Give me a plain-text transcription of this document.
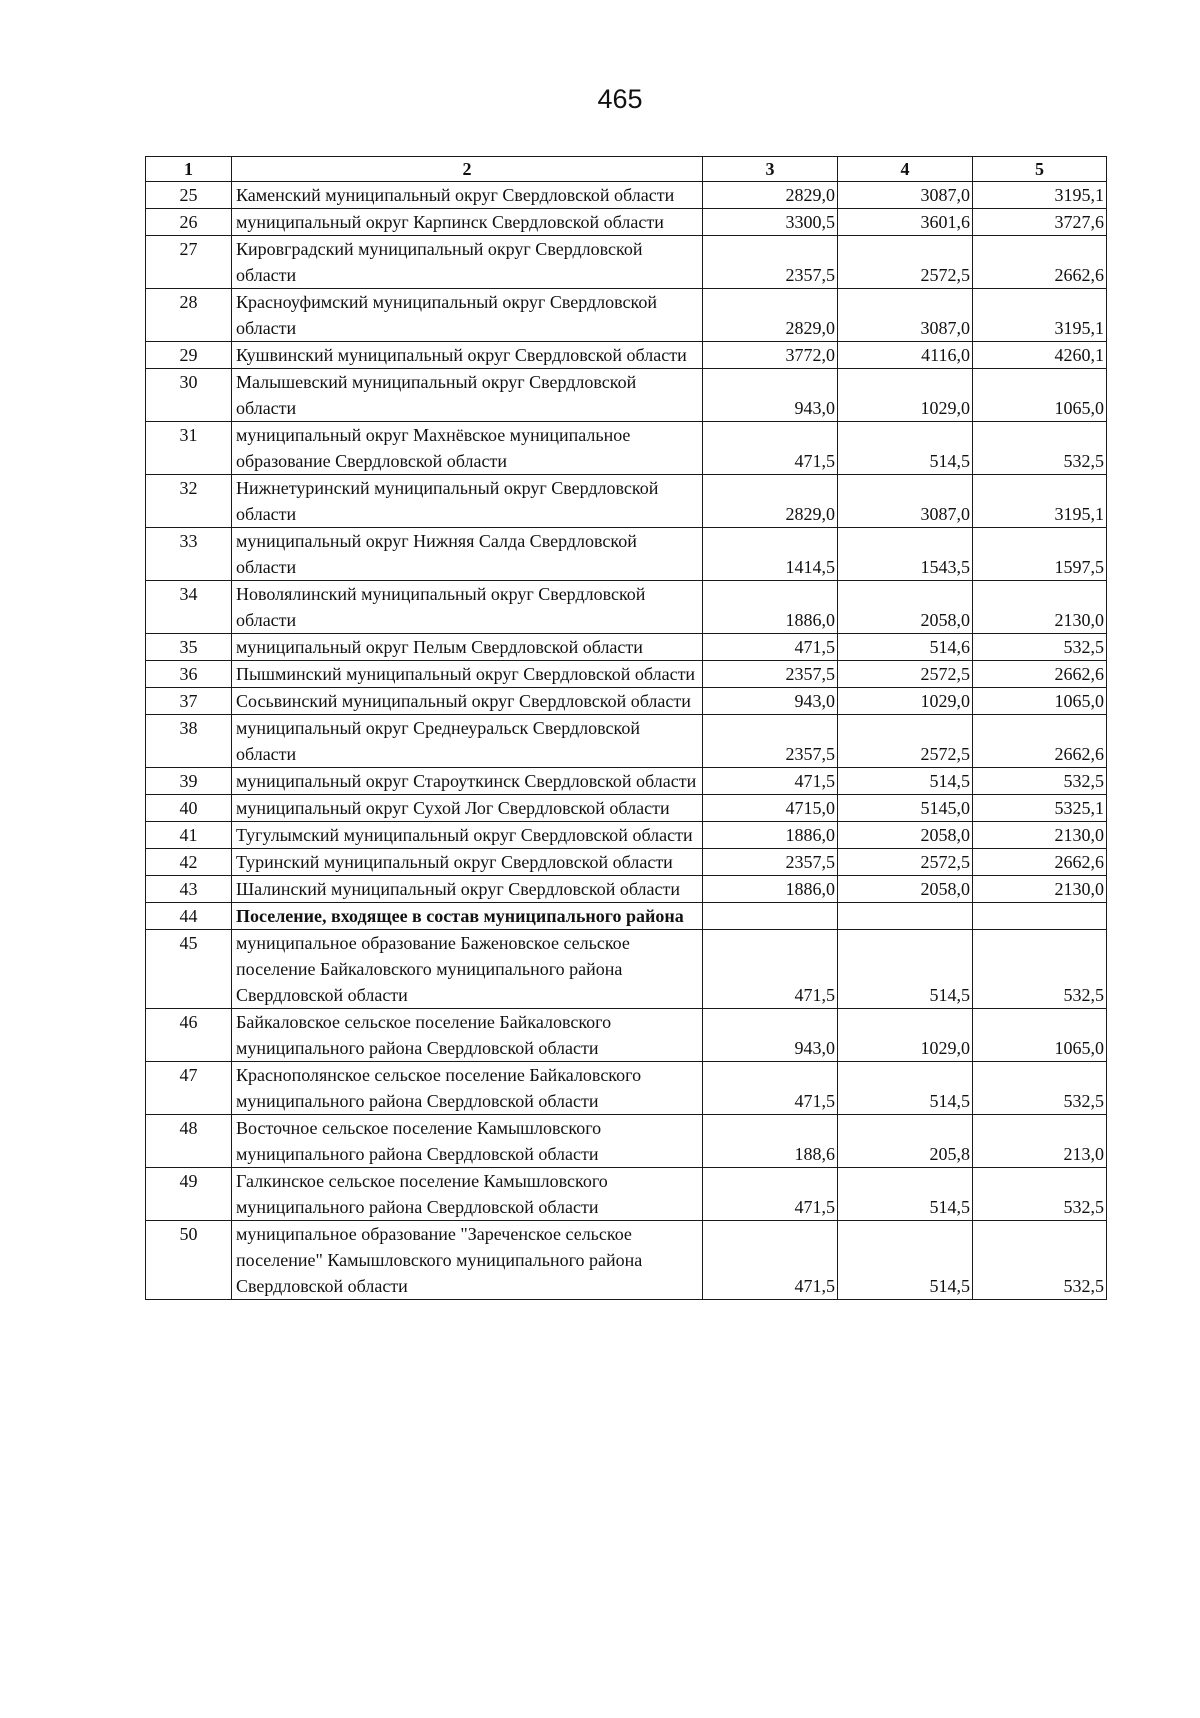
465
1	2	3	4	5
25	Каменский муниципальный округ Свердловской области	2829,0	3087,0	3195,1
26	муниципальный округ Карпинск Свердловской области	3300,5	3601,6	3727,6
27	Кировградский муниципальный округ Свердловской области	2357,5	2572,5	2662,6
28	Красноуфимский муниципальный округ Свердловской области	2829,0	3087,0	3195,1
29	Кушвинский муниципальный округ Свердловской области	3772,0	4116,0	4260,1
30	Малышевский муниципальный округ Свердловской области	943,0	1029,0	1065,0
31	муниципальный округ Махнёвское муниципальное образование Свердловской области	471,5	514,5	532,5
32	Нижнетуринский муниципальный округ Свердловской области	2829,0	3087,0	3195,1
33	муниципальный округ Нижняя Салда Свердловской области	1414,5	1543,5	1597,5
34	Новолялинский муниципальный округ Свердловской области	1886,0	2058,0	2130,0
35	муниципальный округ Пелым Свердловской области	471,5	514,6	532,5
36	Пышминский муниципальный округ Свердловской области	2357,5	2572,5	2662,6
37	Сосьвинский муниципальный округ Свердловской области	943,0	1029,0	1065,0
38	муниципальный округ Среднеуральск Свердловской области	2357,5	2572,5	2662,6
39	муниципальный округ Староуткинск Свердловской области	471,5	514,5	532,5
40	муниципальный округ Сухой Лог Свердловской области	4715,0	5145,0	5325,1
41	Тугулымский муниципальный округ Свердловской области	1886,0	2058,0	2130,0
42	Туринский муниципальный округ Свердловской области	2357,5	2572,5	2662,6
43	Шалинский муниципальный округ Свердловской области	1886,0	2058,0	2130,0
44	Поселение, входящее в состав муниципального района			
45	муниципальное образование Баженовское сельское поселение Байкаловского муниципального района Свердловской области	471,5	514,5	532,5
46	Байкаловское сельское поселение Байкаловского муниципального района Свердловской области	943,0	1029,0	1065,0
47	Краснополянское сельское поселение Байкаловского муниципального района Свердловской области	471,5	514,5	532,5
48	Восточное сельское поселение Камышловского муниципального района Свердловской области	188,6	205,8	213,0
49	Галкинское сельское поселение Камышловского муниципального района Свердловской области	471,5	514,5	532,5
50	муниципальное образование "Зареченское сельское поселение" Камышловского муниципального района Свердловской области	471,5	514,5	532,5
